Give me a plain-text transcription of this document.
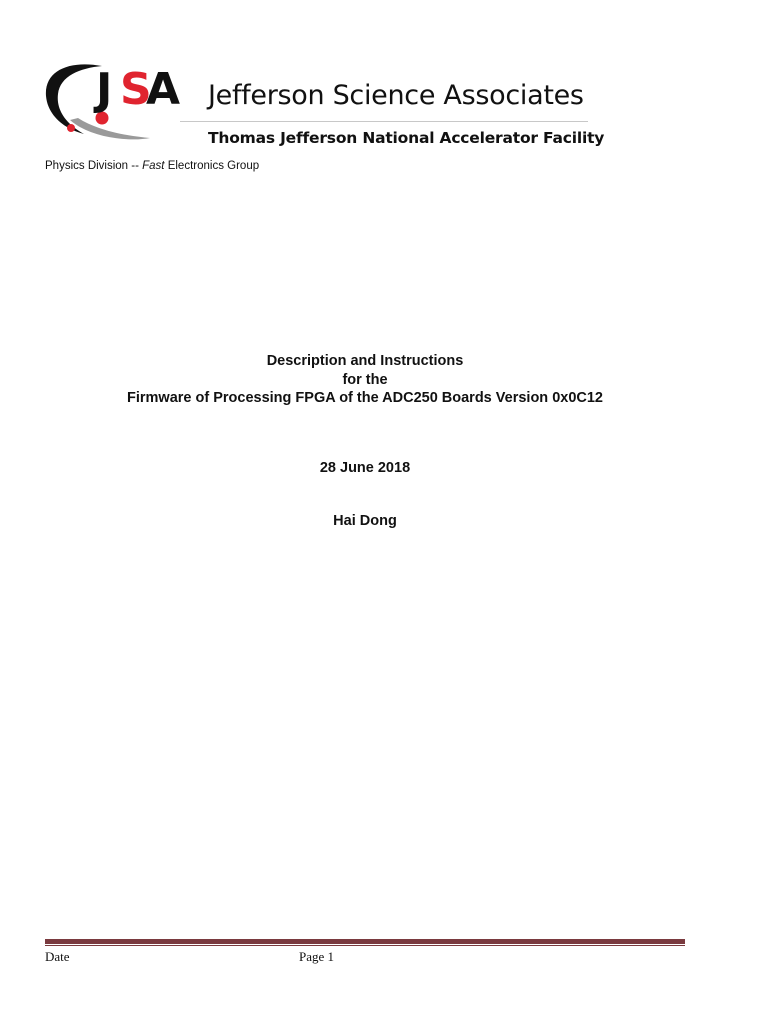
J S
A Jefferson Science Associates
Thomas Jefferson National Accelerator Facility
Physics Division -- Fast Electronics Group
Description and Instructions
for the
Firmware of Processing FPGA of the ADC250 Boards Version 0x0C12
28 June 2018
Hai Dong
Date	Page 1
